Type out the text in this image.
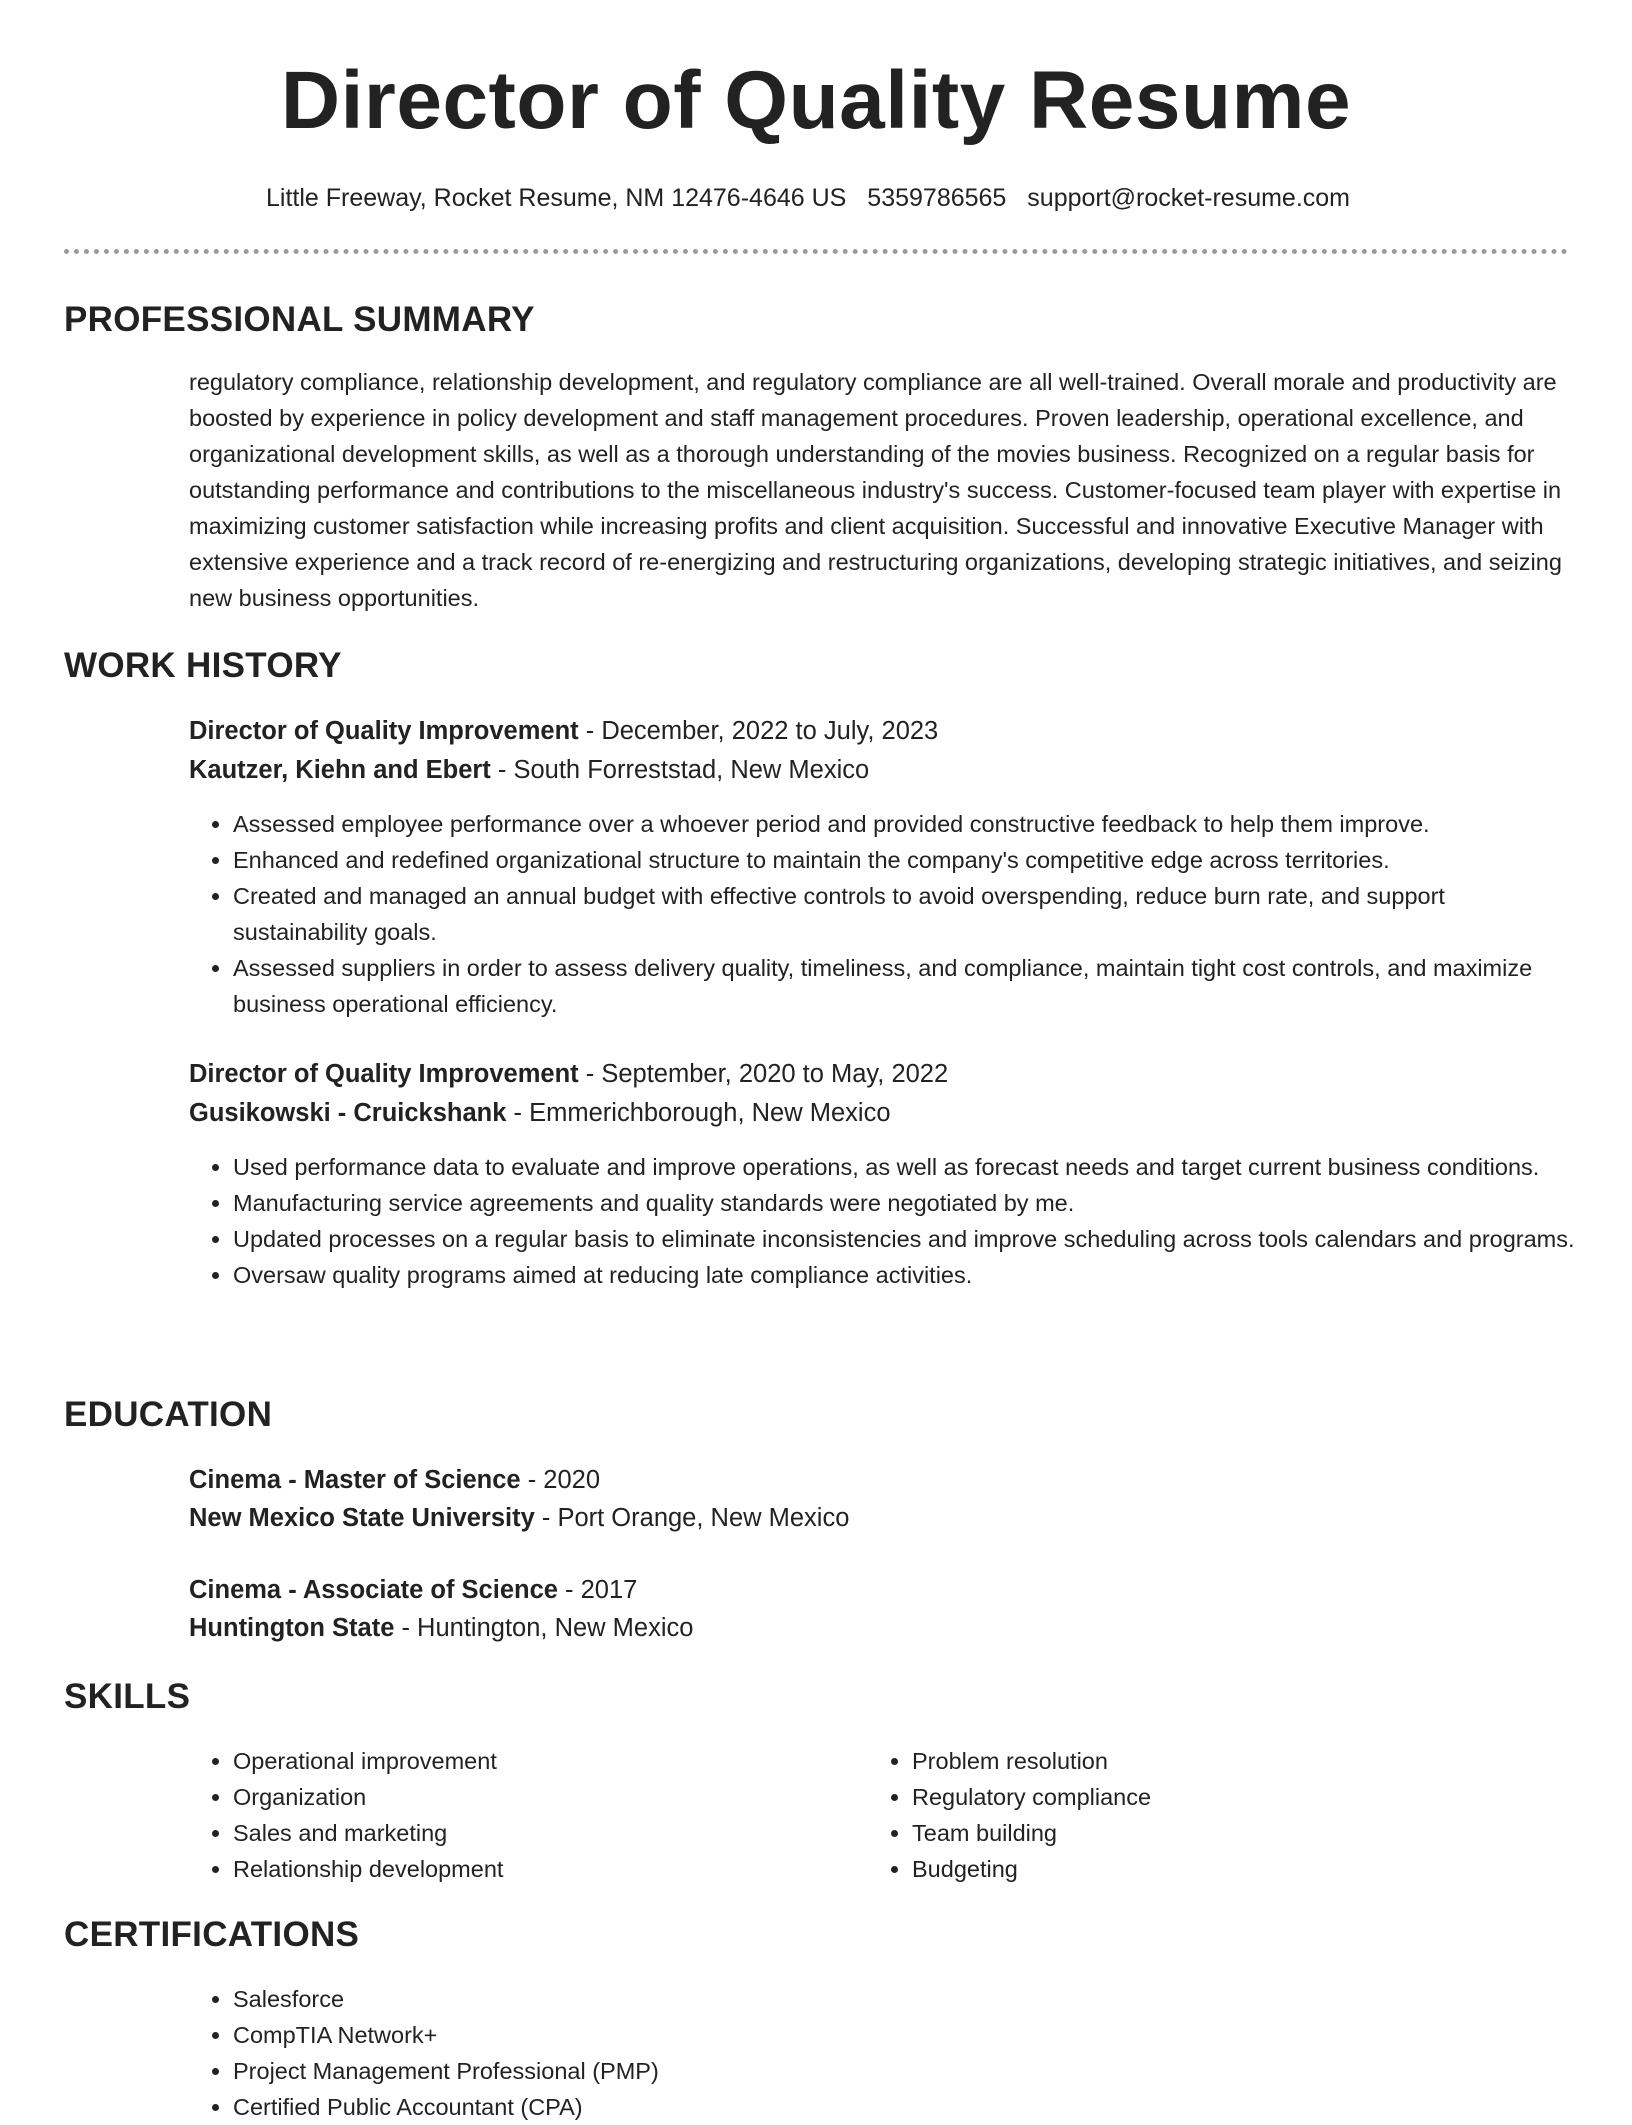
Director of Quality Resume
Little Freeway, Rocket Resume, NM 12476-4646 US 5359786565 support@rocket-resume.com
PROFESSIONAL SUMMARY

regulatory compliance, relationship development, and regulatory compliance are all well-trained. Overall morale and productivity are boosted by experience in policy development and staff management procedures. Proven leadership, operational excellence, and organizational development skills, as well as a thorough understanding of the movies business. Recognized on a regular basis for outstanding performance and contributions to the miscellaneous industry's success. Customer-focused team player with expertise in maximizing customer satisfaction while increasing profits and client acquisition. Successful and innovative Executive Manager with extensive experience and a track record of re-energizing and restructuring organizations, developing strategic initiatives, and seizing new business opportunities.

WORK HISTORY
Director of Quality Improvement - December, 2022 to July, 2023
Kautzer, Kiehn and Ebert - South Forreststad, New Mexico
• Assessed employee performance over a whoever period and provided constructive feedback to help them improve.
• Enhanced and redefined organizational structure to maintain the company's competitive edge across territories.
• Created and managed an annual budget with effective controls to avoid overspending, reduce burn rate, and support sustainability goals.
• Assessed suppliers in order to assess delivery quality, timeliness, and compliance, maintain tight cost controls, and maximize business operational efficiency.
Director of Quality Improvement - September, 2020 to May, 2022
Gusikowski - Cruickshank - Emmerichborough, New Mexico
• Used performance data to evaluate and improve operations, as well as forecast needs and target current business conditions.
• Manufacturing service agreements and quality standards were negotiated by me.
• Updated processes on a regular basis to eliminate inconsistencies and improve scheduling across tools calendars and programs.
• Oversaw quality programs aimed at reducing late compliance activities.
EDUCATION
Cinema - Master of Science - 2020
New Mexico State University - Port Orange, New Mexico
Cinema - Associate of Science - 2017
Huntington State - Huntington, New Mexico
SKILLS
• Operational improvement
• Organization
• Sales and marketing
• Relationship development
• Problem resolution
• Regulatory compliance
• Team building
• Budgeting
CERTIFICATIONS
• Salesforce
• CompTIA Network+
• Project Management Professional (PMP)
• Certified Public Accountant (CPA)
